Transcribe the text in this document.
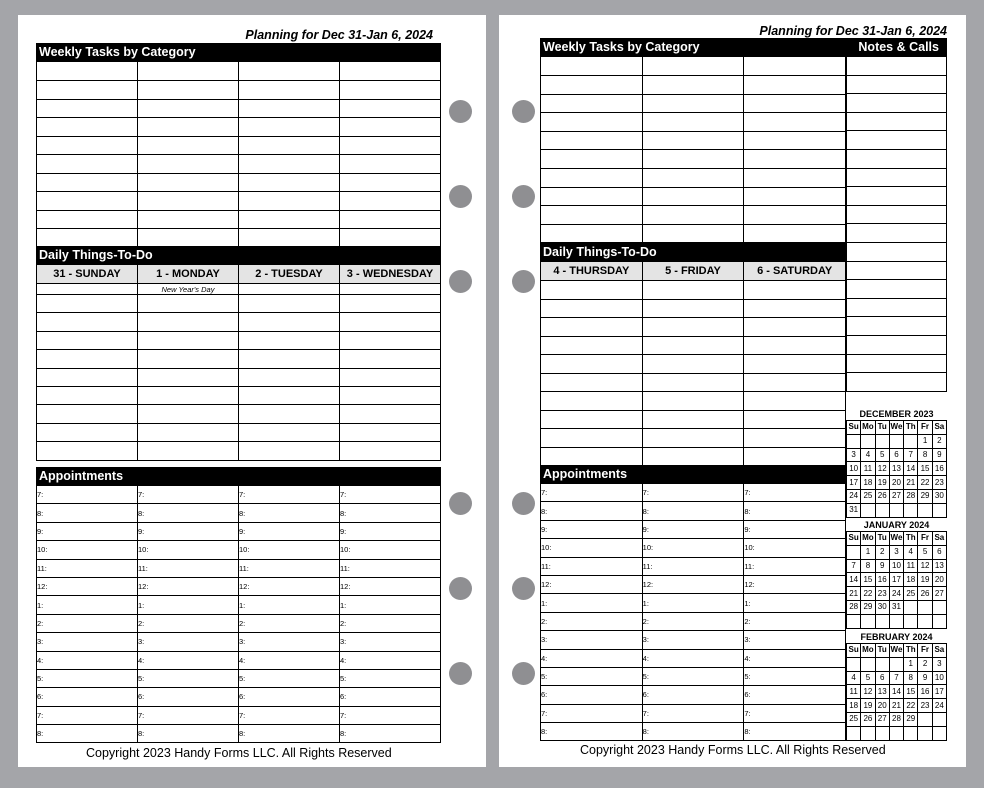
Planning for Dec 31-Jan 6, 2024
Weekly Tasks by Category
Daily Things-To-Do
Appointments
Copyright 2023 Handy Forms LLC. All Rights Reserved
Planning for Dec 31-Jan 6, 2024
Weekly Tasks by Category	Notes & Calls
Daily Things-To-Do
Appointments
Copyright 2023 Handy Forms LLC. All Rights Reserved

31 - SUNDAY	1 - MONDAY	2 - TUESDAY	3 - WEDNESDAY
	New Year's Day		

7:	7:	7:	7:
8:	8:	8:	8:
9:	9:	9:	9:
10:	10:	10:	10:
11:	11:	11:	11:
12:	12:	12:	12:
1:	1:	1:	1:
2:	2:	2:	2:
3:	3:	3:	3:
4:	4:	4:	4:
5:	5:	5:	5:
6:	6:	6:	6:
7:	7:	7:	7:
8:	8:	8:	8:

4 - THURSDAY	5 - FRIDAY	6 - SATURDAY

7:	7:	7:
8:	8:	8:
9:	9:	9:
10:	10:	10:
11:	11:	11:
12:	12:	12:
1:	1:	1:
2:	2:	2:
3:	3:	3:
4:	4:	4:
5:	5:	5:
6:	6:	6:
7:	7:	7:
8:	8:	8:
DECEMBER 2023
Su	Mo	Tu	We	Th	Fr	Sa
					1	2
3	4	5	6	7	8	9
10	11	12	13	14	15	16
17	18	19	20	21	22	23
24	25	26	27	28	29	30
31						
JANUARY 2024
Su	Mo	Tu	We	Th	Fr	Sa
	1	2	3	4	5	6
7	8	9	10	11	12	13
14	15	16	17	18	19	20
21	22	23	24	25	26	27
28	29	30	31			

FEBRUARY 2024
Su	Mo	Tu	We	Th	Fr	Sa
				1	2	3
4	5	6	7	8	9	10
11	12	13	14	15	16	17
18	19	20	21	22	23	24
25	26	27	28	29		
